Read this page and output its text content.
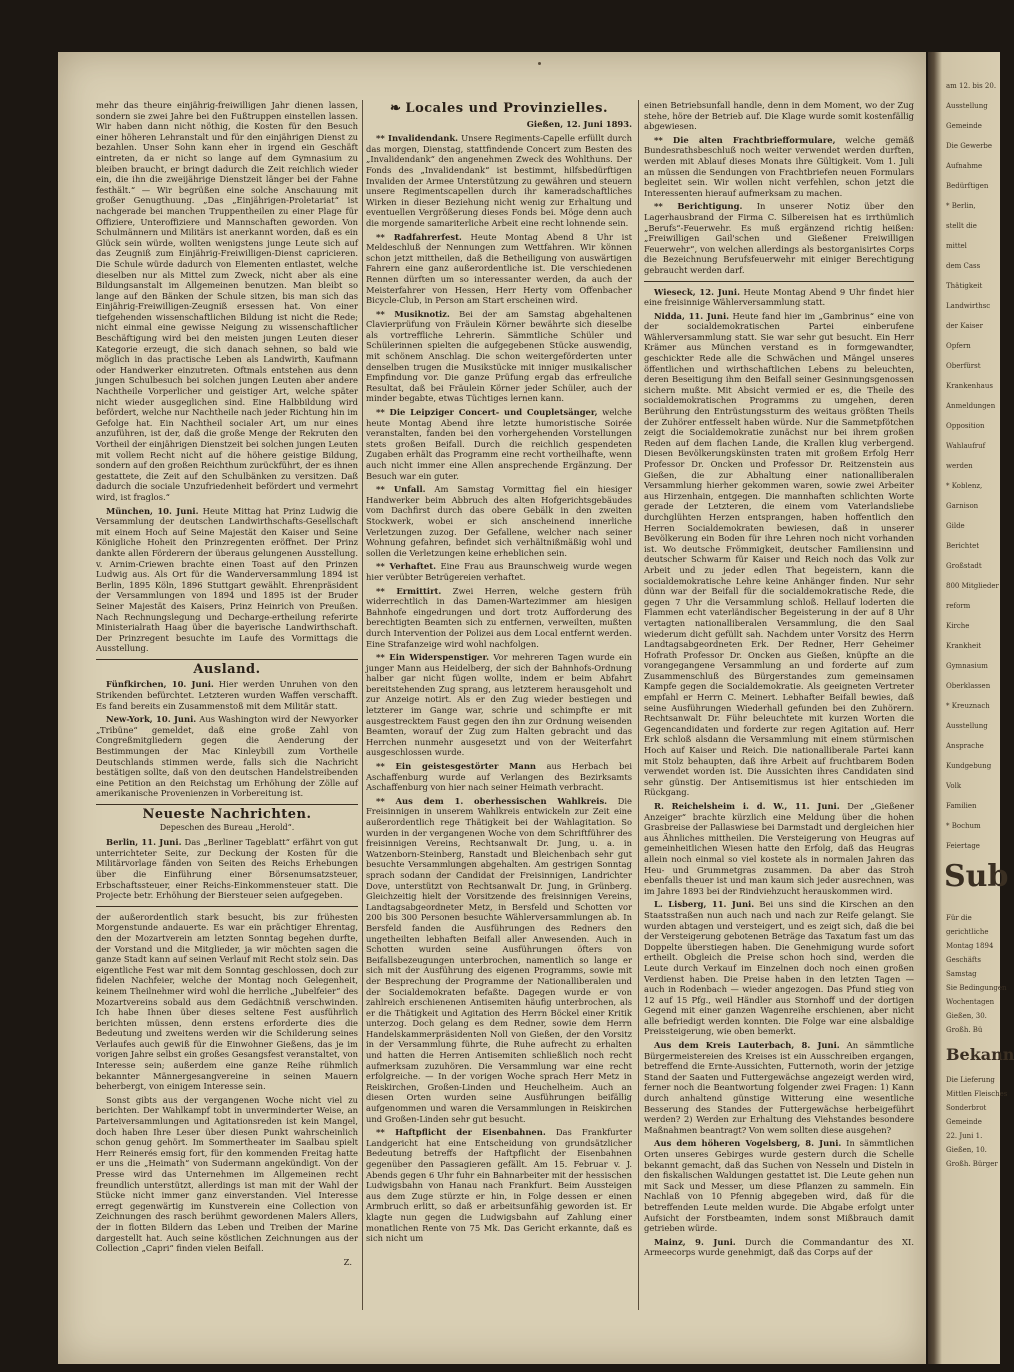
mehr das theure einjährig-freiwilligen Jahr dienen lassen, sondern sie zwei Jahre bei den Fußtruppen einstellen lassen. Wir haben dann nicht nöthig, die Kosten für den Besuch einer höheren Lehranstalt und für den einjährigen Dienst zu bezahlen. Unser Sohn kann eher in irgend ein Geschäft eintreten, da er nicht so lange auf dem Gymnasium zu bleiben braucht, er bringt dadurch die Zeit reichlich wieder ein, die ihn die zweijährige Dienstzeit länger bei der Fahne festhält.“ — Wir begrüßen eine solche Anschauung mit großer Genugthuung. „Das „Einjährigen-Proletariat“ ist nachgerade bei manchen Truppentheilen zu einer Plage für Offiziere, Unteroffiziere und Mannschaften geworden. Von Schulmännern und Militärs ist anerkannt worden, daß es ein Glück sein würde, wollten wenigstens junge Leute sich auf das Zeugniß zum Einjährig-Freiwilligen-Dienst capricieren. Die Schule würde dadurch von Elementen entlastet, welche dieselben nur als Mittel zum Zweck, nicht aber als eine Bildungsanstalt im Allgemeinen benutzen. Man bleibt so lange auf den Bänken der Schule sitzen, bis man sich das Einjährig-Freiwilligen-Zeugniß ersessen hat. Von einer tiefgehenden wissenschaftlichen Bildung ist nicht die Rede; nicht einmal eine gewisse Neigung zu wissenschaftlicher Beschäftigung wird bei den meisten jungen Leuten dieser Kategorie erzeugt, die sich danach sehnen, so bald wie möglich in das practische Leben als Landwirth, Kaufmann oder Handwerker einzutreten. Oftmals entstehen aus denn jungen Schulbesuch bei solchen jungen Leuten aber andere Nachtheile Vorperlicher und geistiger Art, welche später nicht wieder ausgeglichen sind. Eine Halbbildung wird befördert, welche nur Nachtheile nach jeder Richtung hin im Gefolge hat. Ein Nachtheil socialer Art, um nur eines anzuführen, ist der, daß die große Menge der Rekruten den Vortheil der einjährigen Dienstzeit bei solchen jungen Leuten mit vollem Recht nicht auf die höhere geistige Bildung, sondern auf den großen Reichthum zurückführt, der es ihnen gestattete, die Zeit auf den Schulbänken zu versitzen. Daß dadurch die sociale Unzufriedenheit befördert und vermehrt wird, ist fraglos.“

München, 10. Juni. Heute Mittag hat Prinz Ludwig die Versammlung der deutschen Landwirthschafts-Gesellschaft mit einem Hoch auf Seine Majestät den Kaiser und Seine Königliche Hoheit den Prinzregenten eröffnet. Der Prinz dankte allen Förderern der überaus gelungenen Ausstellung. v. Arnim-Criewen brachte einen Toast auf den Prinzen Ludwig aus. Als Ort für die Wanderversammlung 1894 ist Berlin, 1895 Köln, 1896 Stuttgart gewählt. Ehrenpräsident der Versammlungen von 1894 und 1895 ist der Bruder Seiner Majestät des Kaisers, Prinz Heinrich von Preußen. Nach Rechnungslegung und Decharge-ertheilung referirte Ministerialrath Haag über die bayerische Landwirthschaft. Der Prinzregent besuchte im Laufe des Vormittags die Ausstellung.

Ausland.

Fünfkirchen, 10. Juni. Hier werden Unruhen von den Strikenden befürchtet. Letzteren wurden Waffen verschafft. Es fand bereits ein Zusammenstoß mit dem Militär statt.

New-York, 10. Juni. Aus Washington wird der Newyorker „Tribüne“ gemeldet, daß eine große Zahl von Congreßmitgliedern gegen die Aenderung der Bestimmungen der Mac Kinleybill zum Vortheile Deutschlands stimmen werde, falls sich die Nachricht bestätigen sollte, daß von den deutschen Handelstreibenden eine Petition an den Reichstag um Erhöhung der Zölle auf amerikanische Provenienzen in Vorbereitung ist.

Neueste Nachrichten.
Depeschen des Bureau „Herold“.

Berlin, 11. Juni. Das „Berliner Tageblatt“ erfährt von gut unterrichteter Seite, zur Deckung der Kosten für die Militärvorlage fänden von Seiten des Reichs Erhebungen über die Einführung einer Börsenumsatzsteuer, Erbschaftssteuer, einer Reichs-Einkommensteuer statt. Die Projecte betr. Erhöhung der Biersteuer seien aufgegeben.

der außerordentlich stark besucht, bis zur frühesten Morgenstunde andauerte. Es war ein prächtiger Ehrentag, den der Mozartverein am letzten Sonntag begehen durfte, der Vorstand und die Mitglieder, ja wir möchten sagen die ganze Stadt kann auf seinen Verlauf mit Recht stolz sein. Das eigentliche Fest war mit dem Sonntag geschlossen, doch zur fidelen Nachfeier, welche der Montag noch Gelegenheit, keinem Theilnehmer wird wohl die herrliche „Jubelfeier“ des Mozartvereins sobald aus dem Gedächtniß verschwinden. Ich habe Ihnen über dieses seltene Fest ausführlich berichten müssen, denn erstens erforderte dies die Bedeutung und zweitens werden wir die Schilderung seines Verlaufes auch gewiß für die Einwohner Gießens, das je im vorigen Jahre selbst ein großes Gesangsfest veranstaltet, von Interesse sein; außerdem eine ganze Reihe rühmlich bekannter Männergesangvereine in seinen Mauern beherbergt, von einigem Interesse sein.

Sonst gibts aus der vergangenen Woche nicht viel zu berichten. Der Wahlkampf tobt in unverminderter Weise, an Parteiversammlungen und Agitationsreden ist kein Mangel, doch haben Ihre Leser über diesen Punkt wahrscheinlich schon genug gehört. Im Sommertheater im Saalbau spielt Herr Reinerés emsig fort, für den kommenden Freitag hatte er uns die „Heimath“ von Sudermann angekündigt. Von der Presse wird das Unternehmen im Allgemeinen recht freundlich unterstützt, allerdings ist man mit der Wahl der Stücke nicht immer ganz einverstanden. Viel Interesse erregt gegenwärtig im Kunstverein eine Collection von Zeichnungen des rasch berühmt gewordenen Malers Allers, der in flotten Bildern das Leben und Treiben der Marine dargestellt hat. Auch seine köstlichen Zeichnungen aus der Collection „Capri“ finden vielen Beifall.

Z.
❧ Locales und Provinzielles.
Gießen, 12. Juni 1893.

** Invalidendank. Unsere Regiments-Capelle erfüllt durch das morgen, Dienstag, stattfindende Concert zum Besten des „Invalidendank“ den angenehmen Zweck des Wohlthuns. Der Fonds des „Invalidendank“ ist bestimmt, hilfsbedürftigen Invaliden der Armee Unterstützung zu gewähren und steuern unsere Regimentscapellen durch ihr kameradschaftliches Wirken in dieser Beziehung nicht wenig zur Erhaltung und eventuellen Vergrößerung dieses Fonds bei. Möge denn auch die morgende samariterliche Arbeit eine recht lohnende sein.

** Radfahrerfest. Heute Montag Abend 8 Uhr ist Meldeschluß der Nennungen zum Wettfahren. Wir können schon jetzt mittheilen, daß die Betheiligung von auswärtigen Fahrern eine ganz außerordentliche ist. Die verschiedenen Rennen dürften um so interessanter werden, da auch der Meisterfahrer von Hessen, Herr Herty vom Offenbacher Bicycle-Club, in Person am Start erscheinen wird.

** Musiknotiz. Bei der am Samstag abgehaltenen Clavierprüfung von Fräulein Körner bewährte sich dieselbe als vortreffliche Lehrerin. Sämmtliche Schüler und Schülerinnen spielten die aufgegebenen Stücke auswendig, mit schönem Anschlag. Die schon weitergeförderten unter denselben trugen die Musikstücke mit inniger musikalischer Empfindung vor. Die ganze Prüfung ergab das erfreuliche Resultat, daß bei Fräulein Körner jeder Schüler, auch der minder begabte, etwas Tüchtiges lernen kann.

** Die Leipziger Concert- und Coupletsänger, welche heute Montag Abend ihre letzte humoristische Soirée veranstalten, fanden bei den vorhergehenden Vorstellungen stets großen Beifall. Durch die reichlich gespendeten Zugaben erhält das Programm eine recht vortheilhafte, wenn auch nicht immer eine Allen ansprechende Ergänzung. Der Besuch war ein guter.

** Unfall. Am Samstag Vormittag fiel ein hiesiger Handwerker beim Abbruch des alten Hofgerichtsgebäudes vom Dachfirst durch das obere Gebälk in den zweiten Stockwerk, wobei er sich anscheinend innerliche Verletzungen zuzog. Der Gefallene, welcher nach seiner Wohnung gefahren, befindet sich verhältnißmäßig wohl und sollen die Verletzungen keine erheblichen sein.

** Verhaftet. Eine Frau aus Braunschweig wurde wegen hier verübter Betrügereien verhaftet.

** Ermittirt. Zwei Herren, welche gestern früh widerrechtlich in das Damen-Wartezimmer am hiesigen Bahnhofe eingedrungen und dort trotz Aufforderung des berechtigten Beamten sich zu entfernen, verweilten, mußten durch Intervention der Polizei aus dem Local entfernt werden. Eine Strafanzeige wird wohl nachfolgen.

** Ein Widerspenstiger. Vor mehreren Tagen wurde ein junger Mann aus Heidelberg, der sich der Bahnhofs-Ordnung halber gar nicht fügen wollte, indem er beim Abfahrt bereitstehenden Zug sprang, aus letzterem herausgeholt und zur Anzeige notirt. Als er den Zug wieder bestiegen und letzterer im Gange war, schrie und schimpfte er mit ausgestrecktem Faust gegen den ihn zur Ordnung weisenden Beamten, worauf der Zug zum Halten gebracht und das Herrchen nunmehr ausgesetzt und von der Weiterfahrt ausgeschlossen wurde.

** Ein geistesgestörter Mann aus Herbach bei Aschaffenburg wurde auf Verlangen des Bezirksamts Aschaffenburg von hier nach seiner Heimath verbracht.

** Aus dem 1. oberhessischen Wahlkreis. Die Freisinnigen in unserem Wahlkreis entwickeln zur Zeit eine außerordentlich rege Thätigkeit bei der Wahlagitation. So wurden in der vergangenen Woche von dem Schriftführer des freisinnigen Vereins, Rechtsanwalt Dr. Jung, u. a. in Watzenborn-Steinberg, Ranstadt und Bleichenbach sehr gut besuchte Versammlungen abgehalten. Am gestrigen Sonntag sprach sodann der Candidat der Freisinnigen, Landrichter Dove, unterstützt von Rechtsanwalt Dr. Jung, in Grünberg. Gleichzeitig hielt der Vorsitzende des freisinnigen Vereins, Landtagsabgeordneter Metz, in Bersfeld und Schotten vor 200 bis 300 Personen besuchte Wählerversammlungen ab. In Bersfeld fanden die Ausführungen des Redners den ungetheilten lebhaften Beifall aller Anwesenden. Auch in Schotten wurden seine Ausführungen öfters von Beifallsbezeugungen unterbrochen, namentlich so lange er sich mit der Ausführung des eigenen Programms, sowie mit der Besprechung der Programme der Nationalliberalen und der Socialdemokraten befaßte. Dagegen wurde er von zahlreich erschienenen Antisemiten häufig unterbrochen, als er die Thätigkeit und Agitation des Herrn Böckel einer Kritik unterzog. Doch gelang es dem Redner, sowie dem Herrn Handelskammerpräsidenten Noll von Gießen, der den Vorsitz in der Versammlung führte, die Ruhe aufrecht zu erhalten und hatten die Herren Antisemiten schließlich noch recht aufmerksam zuzuhören. Die Versammlung war eine recht erfolgreiche. — In der vorigen Woche sprach Herr Metz in Reiskirchen, Großen-Linden und Heuchelheim. Auch an diesen Orten wurden seine Ausführungen beifällig aufgenommen und waren die Versammlungen in Reiskirchen und Großen-Linden sehr gut besucht.

** Haftpflicht der Eisenbahnen. Das Frankfurter Landgericht hat eine Entscheidung von grundsätzlicher Bedeutung betreffs der Haftpflicht der Eisenbahnen gegenüber den Passagieren gefällt. Am 15. Februar v. J. Abends gegen 6 Uhr fuhr ein Bahnarbeiter mit der hessischen Ludwigsbahn von Hanau nach Frankfurt. Beim Aussteigen aus dem Zuge stürzte er hin, in Folge dessen er einen Armbruch erlitt, so daß er arbeitsunfähig geworden ist. Er klagte nun gegen die Ludwigsbahn auf Zahlung einer monatlichen Rente von 75 Mk. Das Gericht erkannte, daß es sich nicht um

einen Betriebsunfall handle, denn in dem Moment, wo der Zug stehe, höre der Betrieb auf. Die Klage wurde somit kostenfällig abgewiesen.

** Die alten Frachtbriefformulare, welche gemäß Bundesrathsbeschluß noch weiter verwendet werden durften, werden mit Ablauf dieses Monats ihre Gültigkeit. Vom 1. Juli an müssen die Sendungen von Frachtbriefen neuen Formulars begleitet sein. Wir wollen nicht verfehlen, schon jetzt die Interessenten hierauf aufmerksam zu machen.

** Berichtigung. In unserer Notiz über den Lagerhausbrand der Firma C. Silbereisen hat es irrthümlich „Berufs“-Feuerwehr. Es muß ergänzend richtig heißen: „Freiwilligen Gail'schen und Gießener Freiwilligen Feuerwehr“, von welchen allerdings als bestorganisirtes Corps die Bezeichnung Berufsfeuerwehr mit einiger Berechtigung gebraucht werden darf.

Wieseck, 12. Juni. Heute Montag Abend 9 Uhr findet hier eine freisinnige Wählerversammlung statt.

Nidda, 11. Juni. Heute fand hier im „Gambrinus“ eine von der socialdemokratischen Partei einberufene Wählerversammlung statt. Sie war sehr gut besucht. Ein Herr Krämer aus München verstand es in formgewandter, geschickter Rede alle die Schwächen und Mängel unseres öffentlichen und wirthschaftlichen Lebens zu beleuchten, deren Beseitigung ihm den Beifall seiner Gesinnungsgenossen sichern mußte. Mit Absicht vermied er es, die Theile des socialdemokratischen Programms zu umgehen, deren Berührung den Entrüstungssturm des weitaus größten Theils der Zuhörer entfesselt haben würde. Nur die Sammetpfötchen zeigt die Socialdemokratie zunächst nur bei ihrem großen Reden auf dem flachen Lande, die Krallen klug verbergend. Diesen Bevölkerungskünsten traten mit großem Erfolg Herr Professor Dr. Oncken und Professor Dr. Reitzenstein aus Gießen, die zur Abhaltung einer nationalliberalen Versammlung hierher gekommen waren, sowie zwei Arbeiter aus Hirzenhain, entgegen. Die mannhaften schlichten Worte gerade der Letzteren, die einem vom Vaterlandsliebe durchglühten Herzen entsprangen, haben hoffentlich den Herren Socialdemokraten bewiesen, daß in unserer Bevölkerung ein Boden für ihre Lehren noch nicht vorhanden ist. Wo deutsche Frömmigkeit, deutscher Familiensinn und deutscher Schwarm für Kaiser und Reich noch das Volk zur Arbeit und zu jeder edlen That begeistern, kann die socialdemokratische Lehre keine Anhänger finden. Nur sehr dünn war der Beifall für die socialdemokratische Rede, die gegen 7 Uhr die Versammlung schloß. Hellauf loderten die Flammen echt vaterländischer Begeisterung in der auf 8 Uhr vertagten nationalliberalen Versammlung, die den Saal wiederum dicht gefüllt sah. Nachdem unter Vorsitz des Herrn Landtagsabgeordneten Erk. Der Redner, Herr Geheimer Hofrath Professor Dr. Oncken aus Gießen, knüpfte an die vorangegangene Versammlung an und forderte auf zum Zusammenschluß des Bürgerstandes zum gemeinsamen Kampfe gegen die Socialdemokratie. Als geeigneten Vertreter empfahl er Herrn C. Meinert. Lebhafter Beifall bewies, daß seine Ausführungen Wiederhall gefunden bei den Zuhörern. Rechtsanwalt Dr. Führ beleuchtete mit kurzen Worten die Gegencandidaten und forderte zur regen Agitation auf. Herr Erk schloß alsdann die Versammlung mit einem stürmischen Hoch auf Kaiser und Reich. Die nationalliberale Partei kann mit Stolz behaupten, daß ihre Arbeit auf fruchtbarem Boden verwendet worden ist. Die Aussichten ihres Candidaten sind sehr günstig. Der Antisemitismus ist hier entschieden im Rückgang.

R. Reichelsheim i. d. W., 11. Juni. Der „Gießener Anzeiger“ brachte kürzlich eine Meldung über die hohen Grasbreise der Pallaswiese bei Darmstadt und dergleichen hier aus Ähnliches mittheilen. Die Versteigerung von Heugras auf gemeinheitlichen Wiesen hatte den Erfolg, daß das Heugras allein noch einmal so viel kostete als in normalen Jahren das Heu- und Grummetgras zusammen. Da aber das Stroh ebenfalls theuer ist und man kaum sich jeder ausrechnen, was im Jahre 1893 bei der Rindviehzucht herauskommen wird.

L. Lisberg, 11. Juni. Bei uns sind die Kirschen an den Staatsstraßen nun auch nach und nach zur Reife gelangt. Sie wurden abtagen und versteigert, und es zeigt sich, daß die bei der Versteigerung gebotenen Beträge das Taxatum fast um das Doppelte überstiegen haben. Die Genehmigung wurde sofort ertheilt. Obgleich die Preise schon hoch sind, werden die Leute durch Verkauf im Einzelnen doch noch einen großen Verdienst haben. Die Preise haben in den letzten Tagen — auch in Rodenbach — wieder angezogen. Das Pfund stieg von 12 auf 15 Pfg., weil Händler aus Stornhoff und der dortigen Gegend mit einer ganzen Wagenreihe erschienen, aber nicht alle befriedigt werden konnten. Die Folge war eine alsbaldige Preissteigerung, wie oben bemerkt.

Aus dem Kreis Lauterbach, 8. Juni. An sämmtliche Bürgermeistereien des Kreises ist ein Ausschreiben ergangen, betreffend die Ernte-Aussichten, Futternoth, worin der jetzige Stand der Saaten und Futtergewächse angezeigt werden wird, ferner noch die Beantwortung folgender zwei Fragen: 1) Kann durch anhaltend günstige Witterung eine wesentliche Besserung des Standes der Futtergewächse herbeigeführt werden? 2) Werden zur Erhaltung des Viehstandes besondere Maßnahmen beantragt? Von wem sollten diese ausgehen?

Aus dem höheren Vogelsberg, 8. Juni. In sämmtlichen Orten unseres Gebirges wurde gestern durch die Schelle bekannt gemacht, daß das Suchen von Nesseln und Disteln in den fiskalischen Waldungen gestattet ist. Die Leute gehen nun mit Sack und Messer, um diese Pflanzen zu sammeln. Ein Nachlaß von 10 Pfennig abgegeben wird, daß für die betreffenden Leute melden wurde. Die Abgabe erfolgt unter Aufsicht der Forstbeamten, indem sonst Mißbrauch damit getrieben würde.

Mainz, 9. Juni. Durch die Commandantur des XI. Armeecorps wurde genehmigt, daß das Corps auf der

am 12. bis 20.
Ausstellung
Gemeinde
Die Gewerbe
Aufnahme
Bedürftigen
* Berlin,
stellt die
mittel
dem Cass
Thätigkeit
Landwirthsc
der Kaiser
Opfern
Oberfürst
Krankenhaus
Anmeldungen
Opposition
Wahlaufruf
werden
* Koblenz,
Garnison
Gilde
Berichtet
Großstadt
800 Mitglieder
reform
Kirche
Krankheit
Gymnasium
Oberklassen
* Kreuznach
Ausstellung
Ansprache
Kundgebung
Volk
Familien
* Bochum
Feiertage
Sub
Für die
gerichtliche
Montag 1894
Geschäfts
Samstag
Sie Bedingungen
Wochentagen
Gießen, 30.
Großh. Bü
Bekann
Die Lieferung
Mittlen Fleisches
Sonderbrot
Gemeinde
22. Juni 1.
Gießen, 10.
Großh. Bürger
